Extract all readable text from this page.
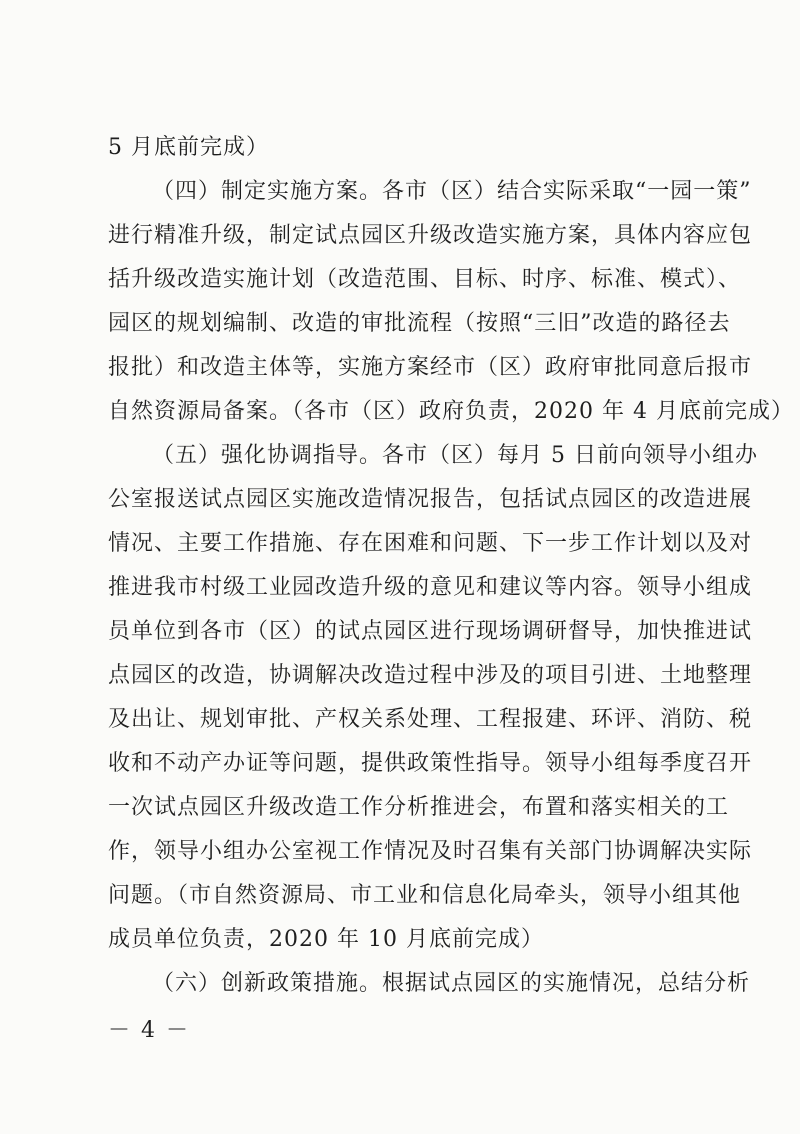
5 月底前完成）
（四）制定实施方案。各市（区）结合实际采取“一园一策”
进行精准升级，制定试点园区升级改造实施方案，具体内容应包
括升级改造实施计划（改造范围、目标、时序、标准、模式）、
园区的规划编制、改造的审批流程（按照“三旧”改造的路径去
报批）和改造主体等，实施方案经市（区）政府审批同意后报市
自然资源局备案。（各市（区）政府负责，2020 年 4 月底前完成）
（五）强化协调指导。各市（区）每月 5 日前向领导小组办
公室报送试点园区实施改造情况报告，包括试点园区的改造进展
情况、主要工作措施、存在困难和问题、下一步工作计划以及对
推进我市村级工业园改造升级的意见和建议等内容。领导小组成
员单位到各市（区）的试点园区进行现场调研督导，加快推进试
点园区的改造，协调解决改造过程中涉及的项目引进、土地整理
及出让、规划审批、产权关系处理、工程报建、环评、消防、税
收和不动产办证等问题，提供政策性指导。领导小组每季度召开
一次试点园区升级改造工作分析推进会，布置和落实相关的工
作，领导小组办公室视工作情况及时召集有关部门协调解决实际
问题。（市自然资源局、市工业和信息化局牵头，领导小组其他
成员单位负责，2020 年 10 月底前完成）
（六）创新政策措施。根据试点园区的实施情况，总结分析
－ 4 －
